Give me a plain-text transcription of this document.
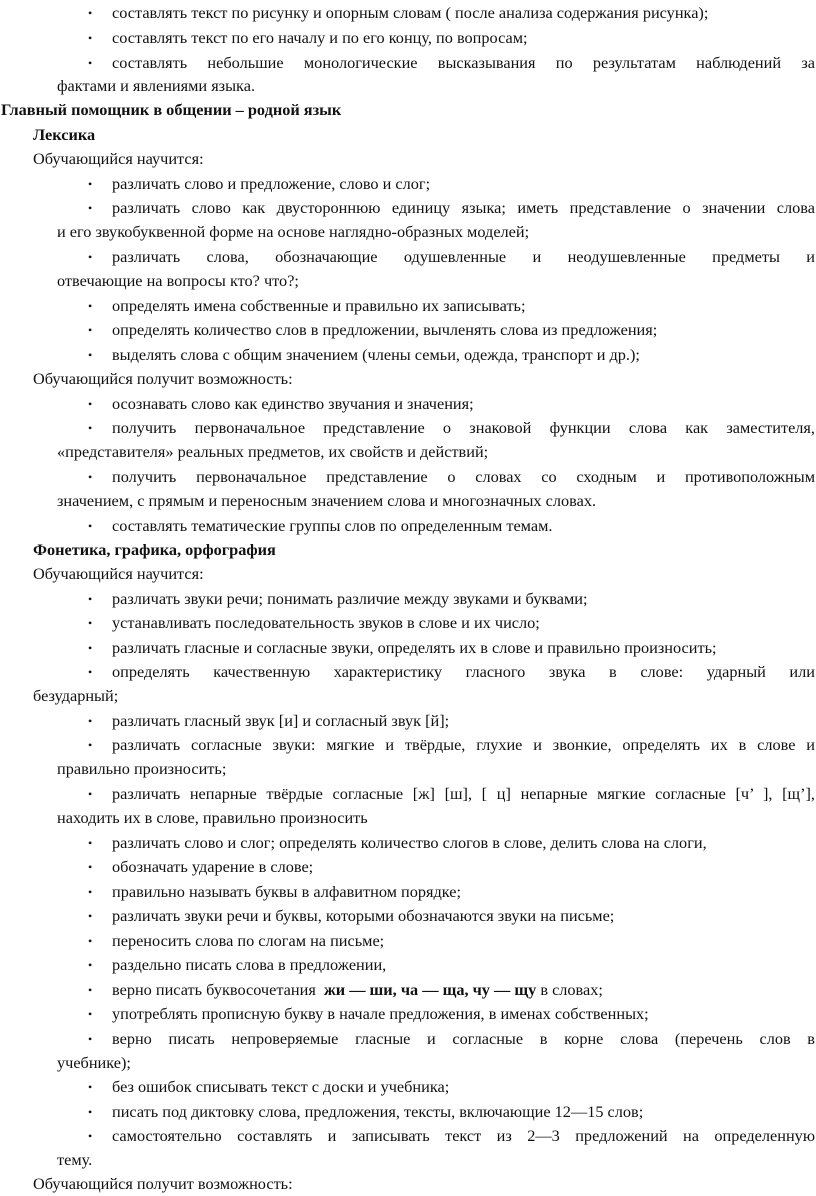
• составлять текст по рисунку и опорным словам ( после анализа содержания рисунка);
• составлять текст по его началу и по его концу, по вопросам;
• составлять небольшие монологические высказывания по результатам наблюдений за
фактами и явлениями языка.
Главный помощник в общении – родной язык
Лексика
Обучающийся научится:
• различать слово и предложение, слово и слог;
• различать слово как двустороннюю единицу языка; иметь представление о значении слова
и его звукобуквенной форме на основе наглядно-образных моделей;
• различать слова, обозначающие одушевленные и неодушевленные предметы и
отвечающие на вопросы кто? что?;
• определять имена собственные и правильно их записывать;
• определять количество слов в предложении, вычленять слова из предложения;
• выделять слова с общим значением (члены семьи, одежда, транспорт и др.);
Обучающийся получит возможность:
• осознавать слово как единство звучания и значения;
• получить первоначальное представление о знаковой функции слова как заместителя,
«представителя» реальных предметов, их свойств и действий;
• получить первоначальное представление о словах со сходным и противоположным
значением, с прямым и переносным значением слова и многозначных словах.
• составлять тематические группы слов по определенным темам.
Фонетика, графика, орфография
Обучающийся научится:
• различать звуки речи; понимать различие между звуками и буквами;
• устанавливать последовательность звуков в слове и их число;
• различать гласные и согласные звуки, определять их в слове и правильно произносить;
• определять качественную характеристику гласного звука в слове: ударный или
безударный;
• различать гласный звук [и] и согласный звук [й];
• различать согласные звуки: мягкие и твёрдые, глухие и звонкие, определять их в слове и
правильно произносить;
• различать непарные твёрдые согласные [ж] [ш], [ ц] непарные мягкие согласные [ч’ ], [щ’],
находить их в слове, правильно произносить
• различать слово и слог; определять количество слогов в слове, делить слова на слоги,
• обозначать ударение в слове;
• правильно называть буквы в алфавитном порядке;
• различать звуки речи и буквы, которыми обозначаются звуки на письме;
• переносить слова по слогам на письме;
• раздельно писать слова в предложении,
• верно писать буквосочетания жи — ши, ча — ща, чу — щу в словах;
• употреблять прописную букву в начале предложения, в именах собственных;
• верно писать непроверяемые гласные и согласные в корне слова (перечень слов в
учебнике);
• без ошибок списывать текст с доски и учебника;
• писать под диктовку слова, предложения, тексты, включающие 12—15 слов;
• самостоятельно составлять и записывать текст из 2—3 предложений на определенную
тему.
Обучающийся получит возможность:
